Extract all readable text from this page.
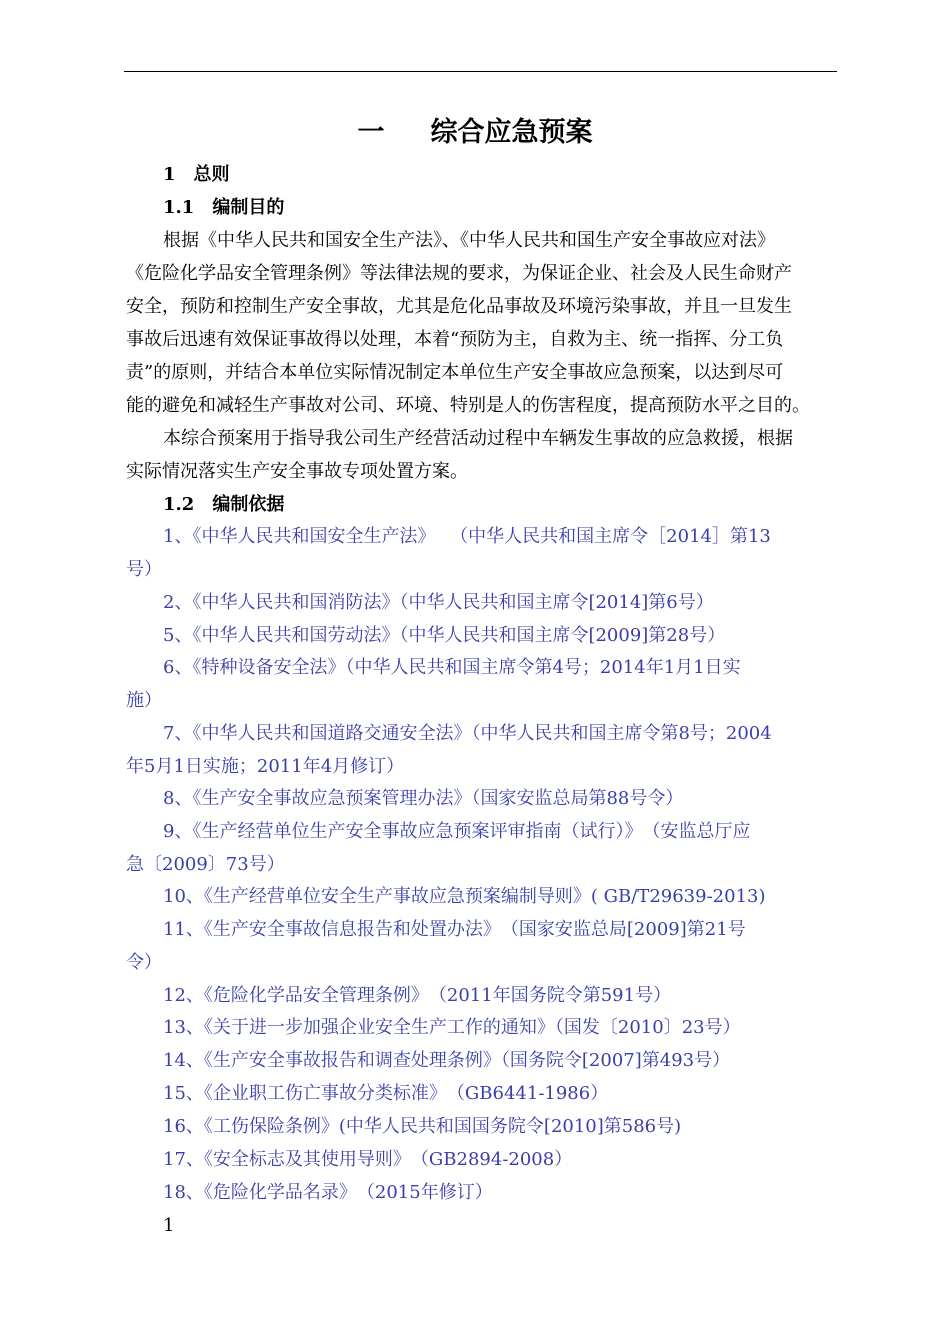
一 综合应急预案
1 总则
1.1 编制目的
根据《中华人民共和国安全生产法》、《中华人民共和国生产安全事故应对法》
《危险化学品安全管理条例》等法律法规的要求，为保证企业、社会及人民生命财产
安全，预防和控制生产安全事故，尤其是危化品事故及环境污染事故，并且一旦发生
事故后迅速有效保证事故得以处理，本着“预防为主，自救为主、统一指挥、分工负
责”的原则，并结合本单位实际情况制定本单位生产安全事故应急预案，以达到尽可
能的避免和减轻生产事故对公司、环境、特别是人的伤害程度，提高预防水平之目的。
本综合预案用于指导我公司生产经营活动过程中车辆发生事故的应急救援，根据
实际情况落实生产安全事故专项处置方案。
1.2 编制依据
1、《中华人民共和国安全生产法》　 （中华人民共和国主席令［2014］第13
号）
2、《中华人民共和国消防法》（中华人民共和国主席令[2014]第6号）
5、《中华人民共和国劳动法》（中华人民共和国主席令[2009]第28号）
6、《特种设备安全法》（中华人民共和国主席令第4号；2014年1月1日实
施）
7、《中华人民共和国道路交通安全法》（中华人民共和国主席令第8号；2004
年5月1日实施；2011年4月修订）
8、《生产安全事故应急预案管理办法》（国家安监总局第88号令）
9、《生产经营单位生产安全事故应急预案评审指南（试行）》　（安监总厅应
急〔2009〕73号）
10、《生产经营单位安全生产事故应急预案编制导则》( GB/T29639-2013)
11、《生产安全事故信息报告和处置办法》　（国家安监总局[2009]第21号
令）
12、《危险化学品安全管理条例》　（2011年国务院令第591号）
13、《关于进一步加强企业安全生产工作的通知》（国发〔2010〕23号）
14、《生产安全事故报告和调查处理条例》（国务院令[2007]第493号）
15、《企业职工伤亡事故分类标准》　（GB6441-1986）
16、《工伤保险条例》(中华人民共和国国务院令[2010]第586号)
17、《安全标志及其使用导则》　（GB2894-2008）
18、《危险化学品名录》　（2015年修订）
1
